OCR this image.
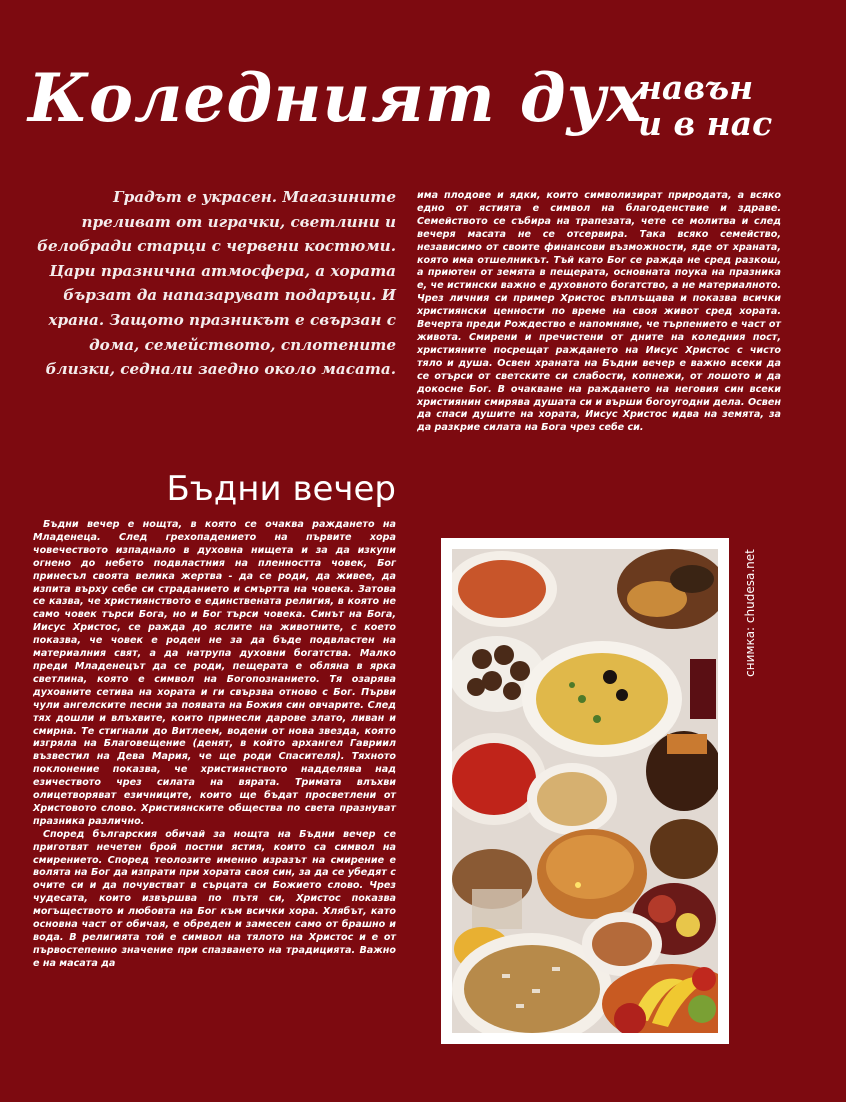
Коледният дух
навън
и в нас
Градът е украсен. Магазините преливат от играчки, светлини и белобради старци с червени костюми. Цари празнична атмосфера, а хората бързат да напазаруват подаръци. И храна. Защото празникът е свързан с дома, семейството, сплотените близки, седнали заедно около масата.
Бъдни вечер

Бъдни вечер е нощта, в която се очаква раждането на Младенеца. След грехопадението на първите хора човечеството изпаднало в духовна нищета и за да изкупи огнено до небето подвластния на пленността човек, Бог принесъл своята велика жертва - да се роди, да живее, да изпита върху себе си страданието и смъртта на човека. Затова се казва, че християнството е единствената религия, в която не само човек търси Бога, но и Бог търси човека. Синът на Бога, Иисус Христос, се ражда до яслите на животните, с което показва, че човек е роден не за да бъде подвластен на материалния свят, а да натрупа духовни богатства. Малко преди Младенецът да се роди, пещерата е обляна в ярка светлина, която е символ на Богопознанието. Тя озарява духовните сетива на хората и ги свързва отново с Бог. Първи чули ангелските песни за появата на Божия син овчарите. След тях дошли и влъхвите, които принесли дарове злато, ливан и смирна. Те стигнали до Витлеем, водени от нова звезда, която изгряла на Благовещение (денят, в който архангел Гавриил възвестил на Дева Мария, че ще роди Спасителя). Тяхното поклонение показва, че християнството надделява над езичеството чрез силата на вярата. Тримата влъхви олицетворяват езичниците, които ще бъдат просветлени от Христовото слово. Християнските общества по света празнуват празника различно.

Според българския обичай за нощта на Бъдни вечер се приготвят нечетен брой постни ястия, които са символ на смирението. Според теолозите именно изразът на смирение е волята на Бог да изпрати при хората своя син, за да се убедят с очите си и да почувстват в сърцата си Божието слово. Чрез чудесата, които извършва по пътя си, Христос показва могъществото и любовта на Бог към всички хора. Хлябът, като основна част от обичая, е обреден и замесен само от брашно и вода. В религията той е символ на тялото на Христос и е от първостепенно значение при спазването на традицията. Важно е на масата да

има плодове и ядки, които символизират природата, а всяко едно от ястията е символ на благоденствие и здраве. Семейството се събира на трапезата, чете се молитва и след вечеря масата не се отсервира. Така всяко семейство, независимо от своите финансови възможности, яде от храната, която има отшелникът. Тъй като Бог се ражда не сред разкош, а приютен от земята в пещерата, основната поука на празника е, че истински важно е духовното богатство, а не материалното. Чрез личния си пример Христос въплъщава и показва всички християнски ценности по време на своя живот сред хората. Вечерта преди Рождество е напомняне, че търпението е част от живота. Смирени и пречистени от дните на коледния пост, християните посрещат раждането на Иисус Христос с чисто тяло и душа. Освен храната на Бъдни вечер е важно всеки да се отърси от светските си слабости, копнежи, от лошото и да докосне Бог. В очакване на раждането на неговия син всеки християнин смирява душата си и върши богоугодни дела. Освен да спаси душите на хората, Иисус Христос идва на земята, за да разкрие силата на Бога чрез себе си.

снимка: chudesa.net
